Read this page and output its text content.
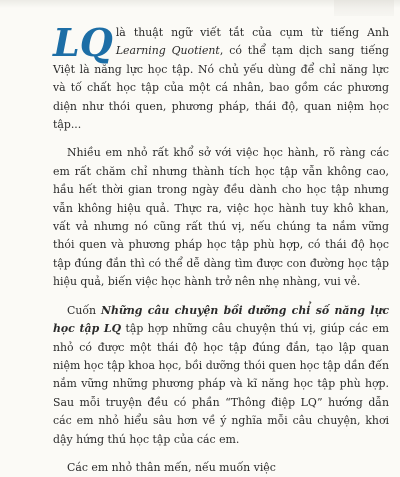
LQ là thuật ngữ viết tắt của cụm từ tiếng Anh Learning Quotient, có thể tạm dịch sang tiếng Việt là năng lực học tập. Nó chủ yếu dùng để chỉ năng lực và tố chất học tập của một cá nhân, bao gồm các phương diện như thói quen, phương pháp, thái độ, quan niệm học tập...

Nhiều em nhỏ rất khổ sở với việc học hành, rõ ràng các em rất chăm chỉ nhưng thành tích học tập vẫn không cao, hầu hết thời gian trong ngày đều dành cho học tập nhưng vẫn không hiệu quả. Thực ra, việc học hành tuy khô khan, vất vả nhưng nó cũng rất thú vị, nếu chúng ta nắm vững thói quen và phương pháp học tập phù hợp, có thái độ học tập đúng đắn thì có thể dễ dàng tìm được con đường học tập hiệu quả, biến việc học hành trở nên nhẹ nhàng, vui vẻ.

Cuốn Những câu chuyện bồi dưỡng chỉ số năng lực học tập LQ tập hợp những câu chuyện thú vị, giúp các em nhỏ có được một thái độ học tập đúng đắn, tạo lập quan niệm học tập khoa học, bồi dưỡng thói quen học tập dần đến nắm vững những phương pháp và kĩ năng học tập phù hợp. Sau mỗi truyện đều có phần “Thông điệp LQ” hướng dẫn các em nhỏ hiểu sâu hơn về ý nghĩa mỗi câu chuyện, khơi dậy hứng thú học tập của các em.

Các em nhỏ thân mến, nếu muốn việc
